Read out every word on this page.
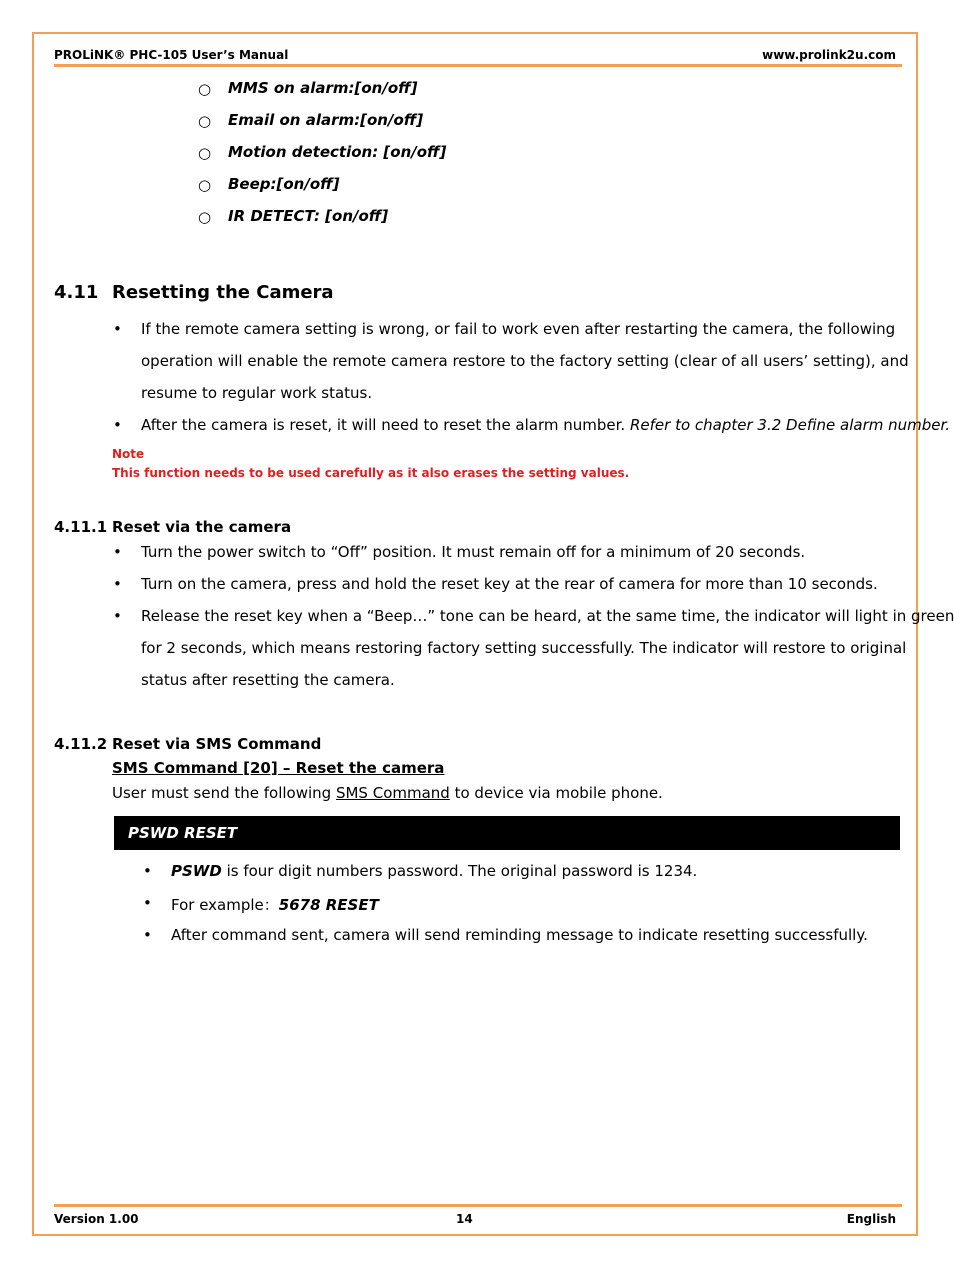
PROLiNK® PHC-105 User’s Manual	www.prolink2u.com
○ MMS on alarm:[on/off]
○ Email on alarm:[on/off]
○ Motion detection: [on/off]
○ Beep:[on/off]
○ IR DETECT: [on/off]
4.11 Resetting the Camera
• If the remote camera setting is wrong, or fail to work even after restarting the camera, the following
operation will enable the remote camera restore to the factory setting (clear of all users’ setting), and
resume to regular work status.
• After the camera is reset, it will need to reset the alarm number. Refer to chapter 3.2 Define alarm number.
Note
This function needs to be used carefully as it also erases the setting values.
4.11.1 Reset via the camera
• Turn the power switch to “Off” position. It must remain off for a minimum of 20 seconds.
• Turn on the camera, press and hold the reset key at the rear of camera for more than 10 seconds.
• Release the reset key when a “Beep…” tone can be heard, at the same time, the indicator will light in green
for 2 seconds, which means restoring factory setting successfully. The indicator will restore to original
status after resetting the camera.
4.11.2 Reset via SMS Command
SMS Command [20] – Reset the camera
User must send the following SMS Command to device via mobile phone.
PSWD RESET
• PSWD is four digit numbers password. The original password is 1234.
• For example：5678 RESET
• After command sent, camera will send reminding message to indicate resetting successfully.
Version 1.00	14	English
